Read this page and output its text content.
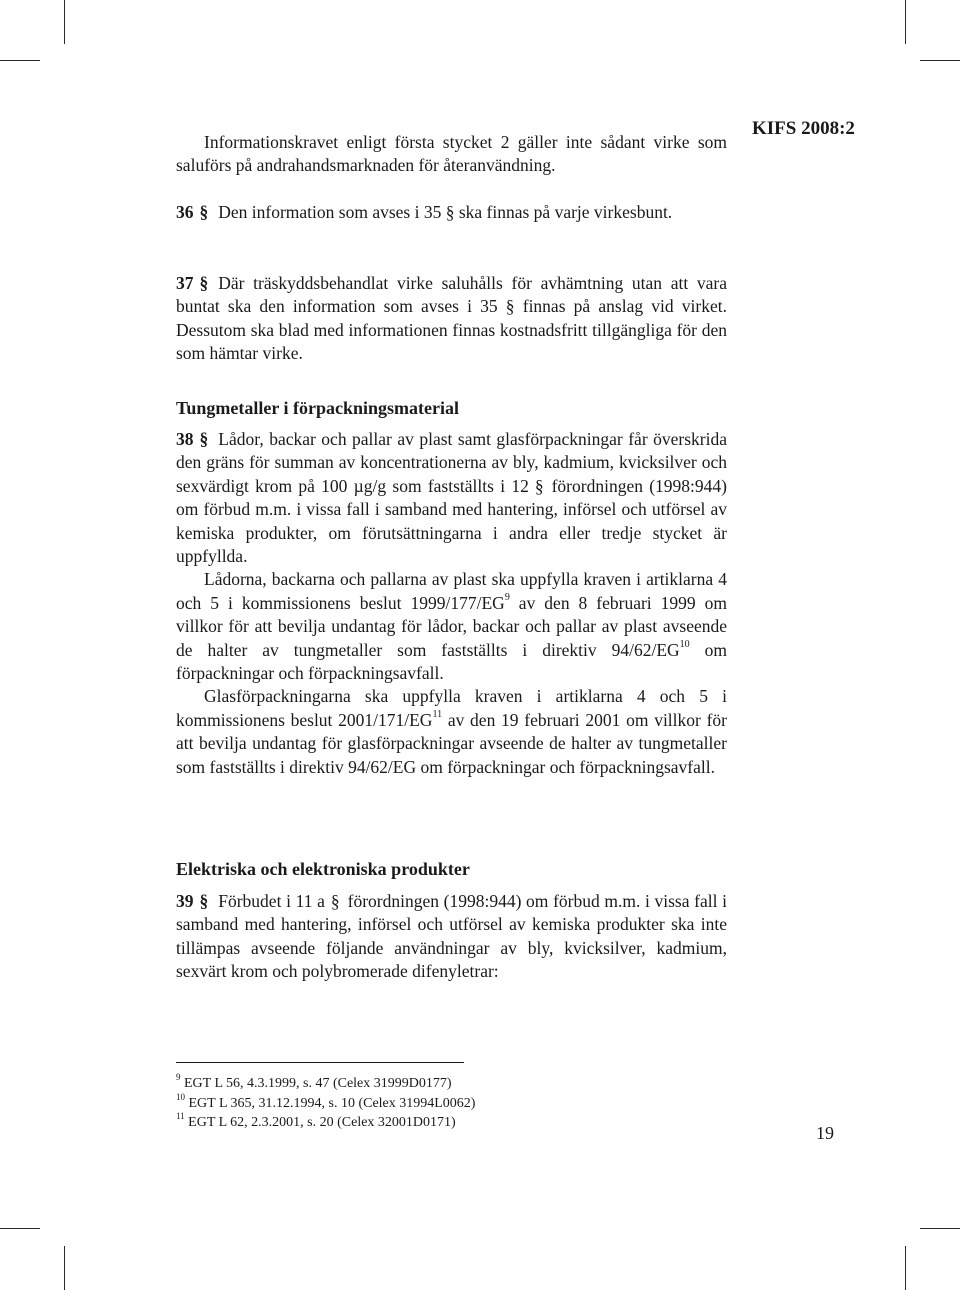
KIFS 2008:2
Informationskravet enligt första stycket 2 gäller inte sådant virke som saluförs på andrahandsmarknaden för återanvändning.

36 § Den information som avses i 35 § ska finnas på varje virkesbunt.

37 § Där träskyddsbehandlat virke saluhålls för avhämtning utan att vara buntat ska den information som avses i 35 § finnas på anslag vid virket. Dessutom ska blad med informationen finnas kostnadsfritt tillgängliga för den som hämtar virke.

Tungmetaller i förpackningsmaterial

38 § Lådor, backar och pallar av plast samt glasförpackningar får överskrida den gräns för summan av koncentrationerna av bly, kadmium, kvicksilver och sexvärdigt krom på 100 µg/g som fastställts i 12 § förordningen (1998:944) om förbud m.m. i vissa fall i samband med hantering, införsel och utförsel av kemiska produkter, om förutsättningarna i andra eller tredje stycket är uppfyllda.

Lådorna, backarna och pallarna av plast ska uppfylla kraven i artiklarna 4 och 5 i kommissionens beslut $1999/177/EG^9$ av den 8 februari 1999 om villkor för att bevilja undantag för lådor, backar och pallar av plast avseende de halter av tungmetaller som fastställts i direktiv 94/62/EG$^{10}$ om förpackningar och förpackningsavfall.

Glasförpackningarna ska uppfylla kraven i artiklarna 4 och 5 i kommissionens beslut 2001/171/EG$^{11}$ av den 19 februari 2001 om villkor för att bevilja undantag för glasförpackningar avseende de halter av tungmetaller som fastställts i direktiv 94/62/EG om förpackningar och förpackningsavfall.

Elektriska och elektroniska produkter

39 § Förbudet i 11 a § förordningen (1998:944) om förbud m.m. i vissa fall i samband med hantering, införsel och utförsel av kemiska produkter ska inte tillämpas avseende följande användningar av bly, kvicksilver, kadmium, sexvärt krom och polybromerade difenyletrar:

$^9$ EGT L 56, 4.3.1999, s. 47 (Celex 31999D0177)
$^{10}$ EGT L 365, 31.12.1994, s. 10 (Celex 31994L0062)
$^{11}$ EGT L 62, 2.3.2001, s. 20 (Celex 32001D0171)
19
